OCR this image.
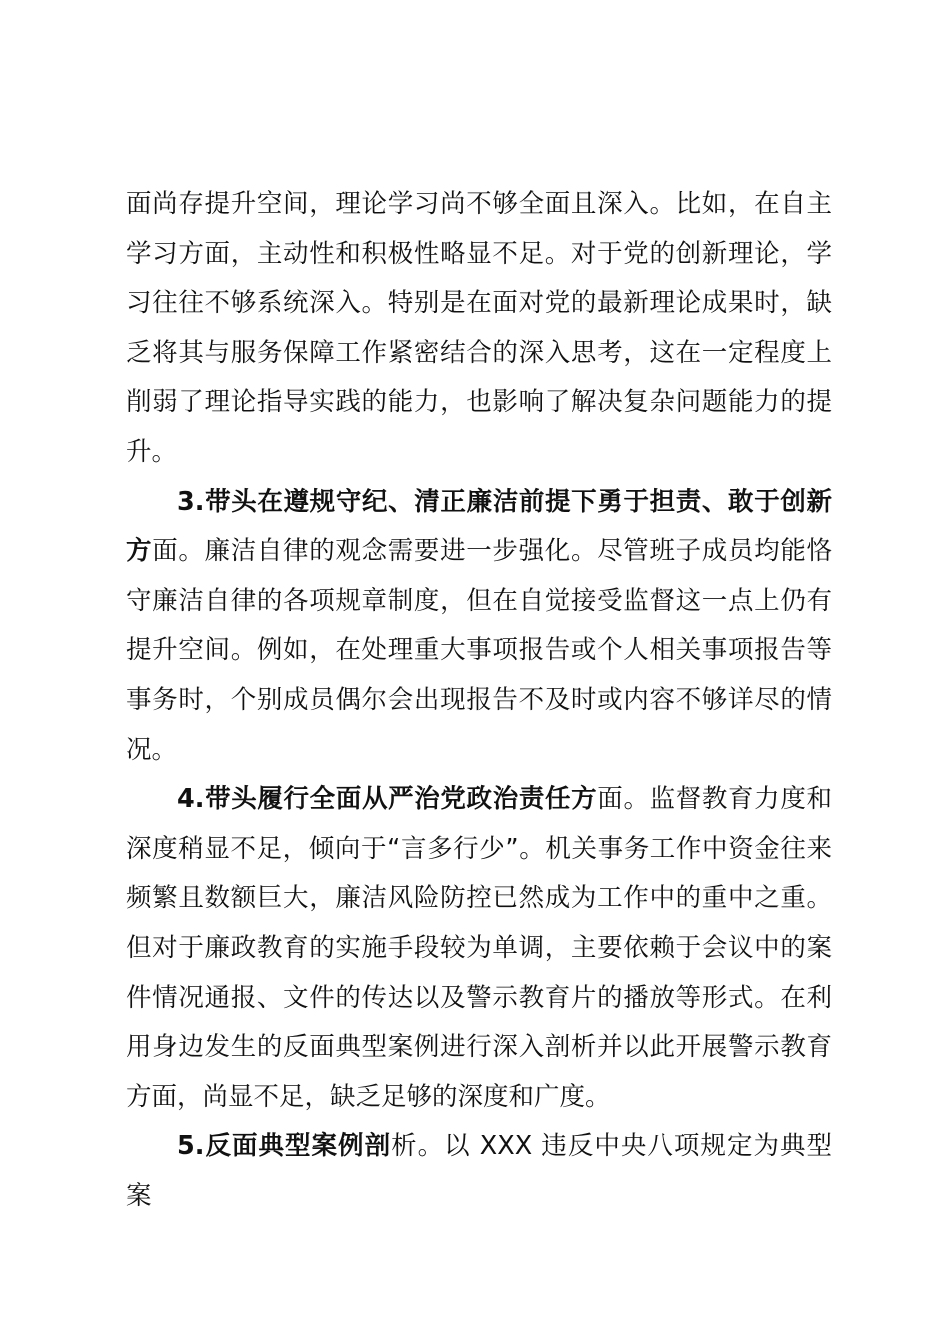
面尚存提升空间，理论学习尚不够全面且深入。比如，在自主学习方面，主动性和积极性略显不足。对于党的创新理论，学习往往不够系统深入。特别是在面对党的最新理论成果时，缺乏将其与服务保障工作紧密结合的深入思考，这在一定程度上削弱了理论指导实践的能力，也影响了解决复杂问题能力的提升。

3.带头在遵规守纪、清正廉洁前提下勇于担责、敢于创新方面。廉洁自律的观念需要进一步强化。尽管班子成员均能恪守廉洁自律的各项规章制度，但在自觉接受监督这一点上仍有提升空间。例如，在处理重大事项报告或个人相关事项报告等事务时，个别成员偶尔会出现报告不及时或内容不够详尽的情况。

4.带头履行全面从严治党政治责任方面。监督教育力度和深度稍显不足，倾向于“言多行少”。机关事务工作中资金往来频繁且数额巨大，廉洁风险防控已然成为工作中的重中之重。但对于廉政教育的实施手段较为单调，主要依赖于会议中的案件情况通报、文件的传达以及警示教育片的播放等形式。在利用身边发生的反面典型案例进行深入剖析并以此开展警示教育方面，尚显不足，缺乏足够的深度和广度。

5.反面典型案例剖析。以 XXX 违反中央八项规定为典型案
